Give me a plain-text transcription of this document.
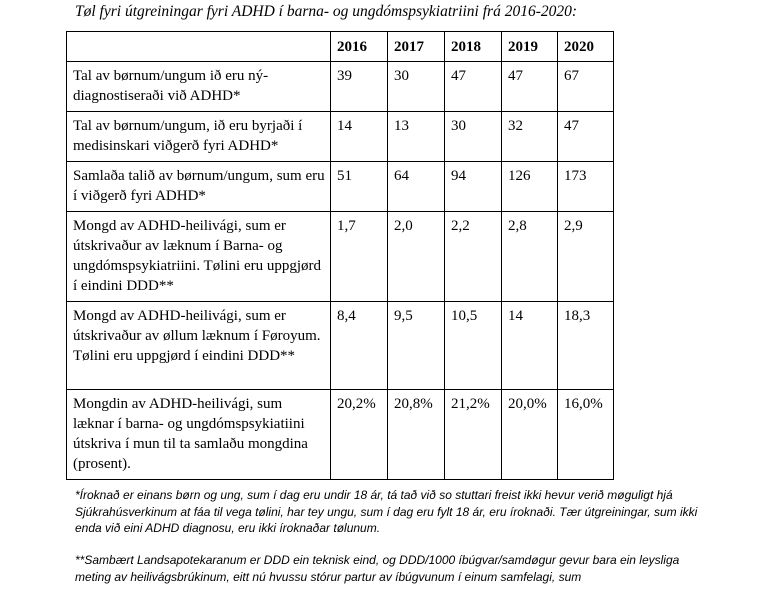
Tøl fyri útgreiningar fyri ADHD í barna- og ungdómspsykiatriini frá 2016-2020:
	2016	2017	2018	2019	2020
Tal av børnum/ungum ið eru ný-diagnostiseraði við ADHD*	39	30	47	47	67
Tal av børnum/ungum, ið eru byrjaði í medisinskari viðgerð fyri ADHD*	14	13	30	32	47
Samlaða talið av børnum/ungum, sum eru í viðgerð fyri ADHD*	51	64	94	126	173
Mongd av ADHD-heilivági, sum er útskrivaður av læknum í Barna- og ungdómspsykiatriini. Tølini eru uppgjørd í eindini DDD**	1,7	2,0	2,2	2,8	2,9
Mongd av ADHD-heilivági, sum er útskrivaður av øllum læknum í Føroyum. Tølini eru uppgjørd í eindini DDD**	8,4	9,5	10,5	14	18,3
Mongdin av ADHD-heilivági, sum læknar í barna- og ungdómspsykiatiini útskriva í mun til ta samlaðu mongdina (prosent).	20,2%	20,8%	21,2%	20,0%	16,0%

*Íroknað er einans børn og ung, sum í dag eru undir 18 ár, tá tað við so stuttari freist ikki hevur verið møguligt hjá Sjúkrahúsverkinum at fáa til vega tølini, har tey ungu, sum í dag eru fylt 18 ár, eru íroknaði. Tær útgreiningar, sum ikki enda við eini ADHD diagnosu, eru ikki íroknaðar tølunum.

**Sambært Landsapotekaranum er DDD ein teknisk eind, og DDD/1000 íbúgvar/samdøgur gevur bara ein leysliga meting av heilivágsbrúkinum, eitt nú hvussu stórur partur av íbúgvunum í einum samfelagi, sum
